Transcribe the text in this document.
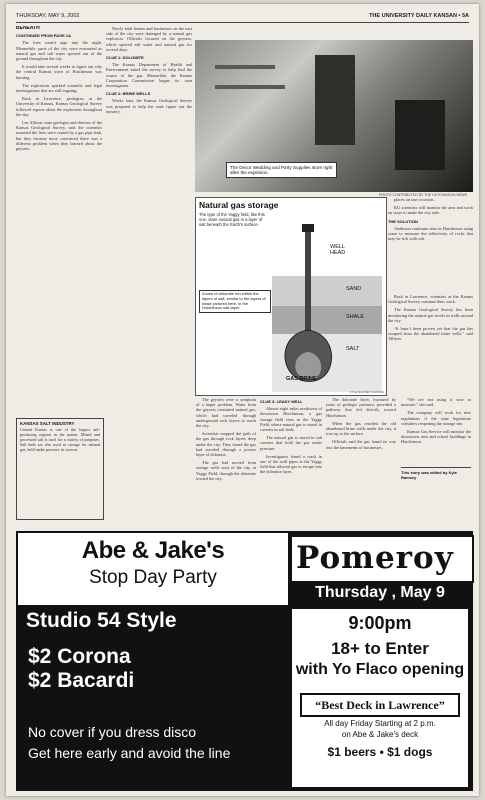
THURSDAY, MAY 9, 2002	THE UNIVERSITY DAILY KANSAN • 5A
BENEATH
CONTINUED FROM PAGE 1A

The fires would rage into the night. Meanwhile, parts of the city were evacuated as natural gas and salt water spewed out of the ground throughout the city.

It would take several weeks to figure out why the central Kansas town of Hutchinson was burning.

The explosions sparked scientific and legal investigations that are still ongoing.

Back in Lawrence, geologists at the University of Kansas, Kansas Geological Survey followed reports about the explosions throughout the day.

Lee Allison, state geologist and director of the Kansas Geological Survey, said the scientists assumed the fires were caused by a gas pipe leak, but they became more convinced there was a different problem when they learned about the geysers.

Newly built homes and businesses on the east side of the city were damaged by a natural gas explosion. Officials focused on the geysers, which spewed salt water and natural gas for several days.

CLUE 1: DOLOMITE

The Kansas Department of Health and Environment asked the survey to help find the source of the gas. Meanwhile, the Kansas Corporation Commission began its own investigation.

CLUE 2: BRINE WELLS

Weeks later, the Kansas Geological Survey was prepared to help the state figure out the mystery.

The Decor Wedding and Party Supplies store right after the explosion.
PHOTO CONTRIBUTED BY THE HUTCHINSON NEWS
Natural gas storage
The type of the Yaggy field, like this one, store natural gas in a layer of salt beneath the Earth's surface.
Zones of dolomite run within the layers of salt, similar to the layers of shale pictured here, in the Hutchinson salt layer.
WELL HEAD
SAND
SHALE
SALT
GAS BRINE
KYLE RAMSEY/KANSAN

The geysers were a symptom of a larger problem. Water from the geysers contained natural gas, which had traveled through underground rock layers to reach the city.

Scientists mapped the path of the gas through rock layers deep under the city. They found the gas had traveled through a porous layer of dolomite.

The gas had moved from storage wells west of the city, at Yaggy Field, through the dolomite toward the city.

CLUE 3: LEAKY WELL

Almost eight miles northwest of downtown Hutchinson, a gas storage field rests in the Yaggy Field, where natural gas is stored in caverns in salt beds.

The natural gas is stored in salt caverns that hold the gas under pressure.

Investigators found a crack in one of the well pipes at the Yaggy field that allowed gas to escape into the dolomite layer.

The dolomite layer, fractured by years of geologic pressure, provided a pathway that led directly toward Hutchinson.

When the gas reached the old abandoned brine wells under the city, it rose up to the surface.

Officials said the gas found its way into the basements of businesses.

places on one occasion.

KU scientists will monitor the area and work on ways to make the city safe.

THE SOLUTION

Anderson continues tests in Hutchinson using sonar to measure the reflectivity of rocks that may be rich with salt.

Back in Lawrence, scientists at the Kansas Geological Survey continue their work.

The Kansas Geological Survey has been monitoring the natural gas levels in wells around the city.

“It hasn’t been proven yet that the gas has escaped from the abandoned brine wells,” said Allison.

“We are not using it now to measure,” she said.

The company will work for new regulations if the state legislature considers reopening the storage site.

Kansas Gas Service will monitor the downtown area and school buildings in Hutchinson.

This story was edited by Kyle Ramsey
KANSAS SALT INDUSTRY
Central Kansas is one of the largest salt-producing regions in the nation. Mined and processed salt is used for a variety of purposes. Salt beds are also used as storage for natural gas, held under pressure in caverns.
Abe & Jake's
Stop Day Party
Pomeroy
Thursday , May 9
Studio 54 Style
$2 Corona
$2 Bacardi
No cover if you dress disco
Get here early and avoid the line
9:00pm
18+ to Enter
with Yo Flaco opening
“Best Deck in Lawrence”
All day Friday Starting at 2 p.m.
on Abe & Jake's deck
$1 beers • $1 dogs
